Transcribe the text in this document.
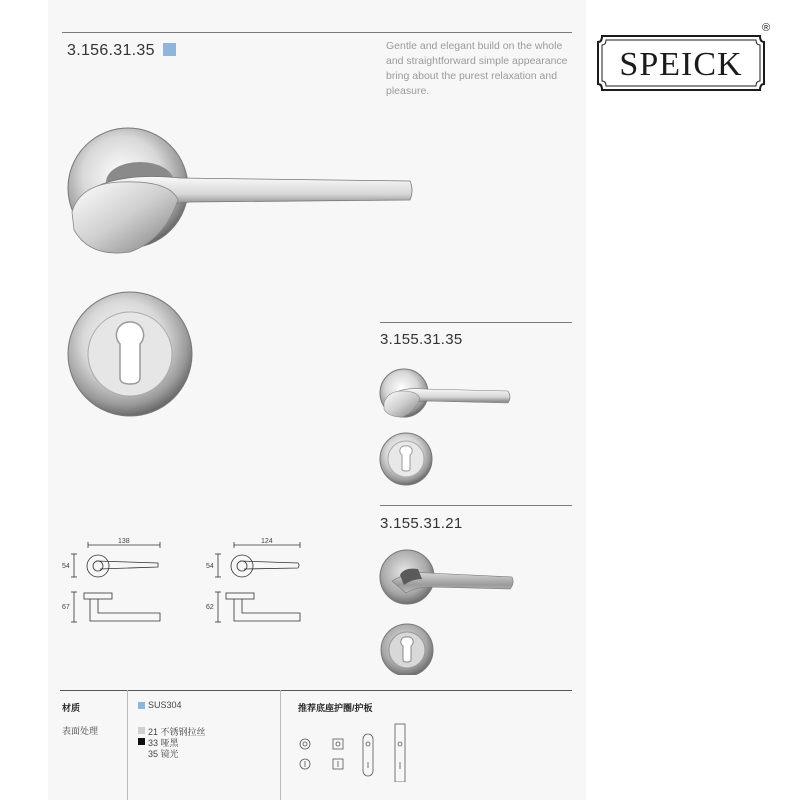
3.156.31.35	Gentle and elegant build on the whole and straightforward simple appearance bring about the purest relaxation and pleasure.
SPEICK
®
3.155.31.35
3.155.31.21
138
54
67
124
54
62
材质
表面处理
SUS304
21 不锈钢拉丝
33 哑黑
35 镜光
推荐底座护圈/护板
